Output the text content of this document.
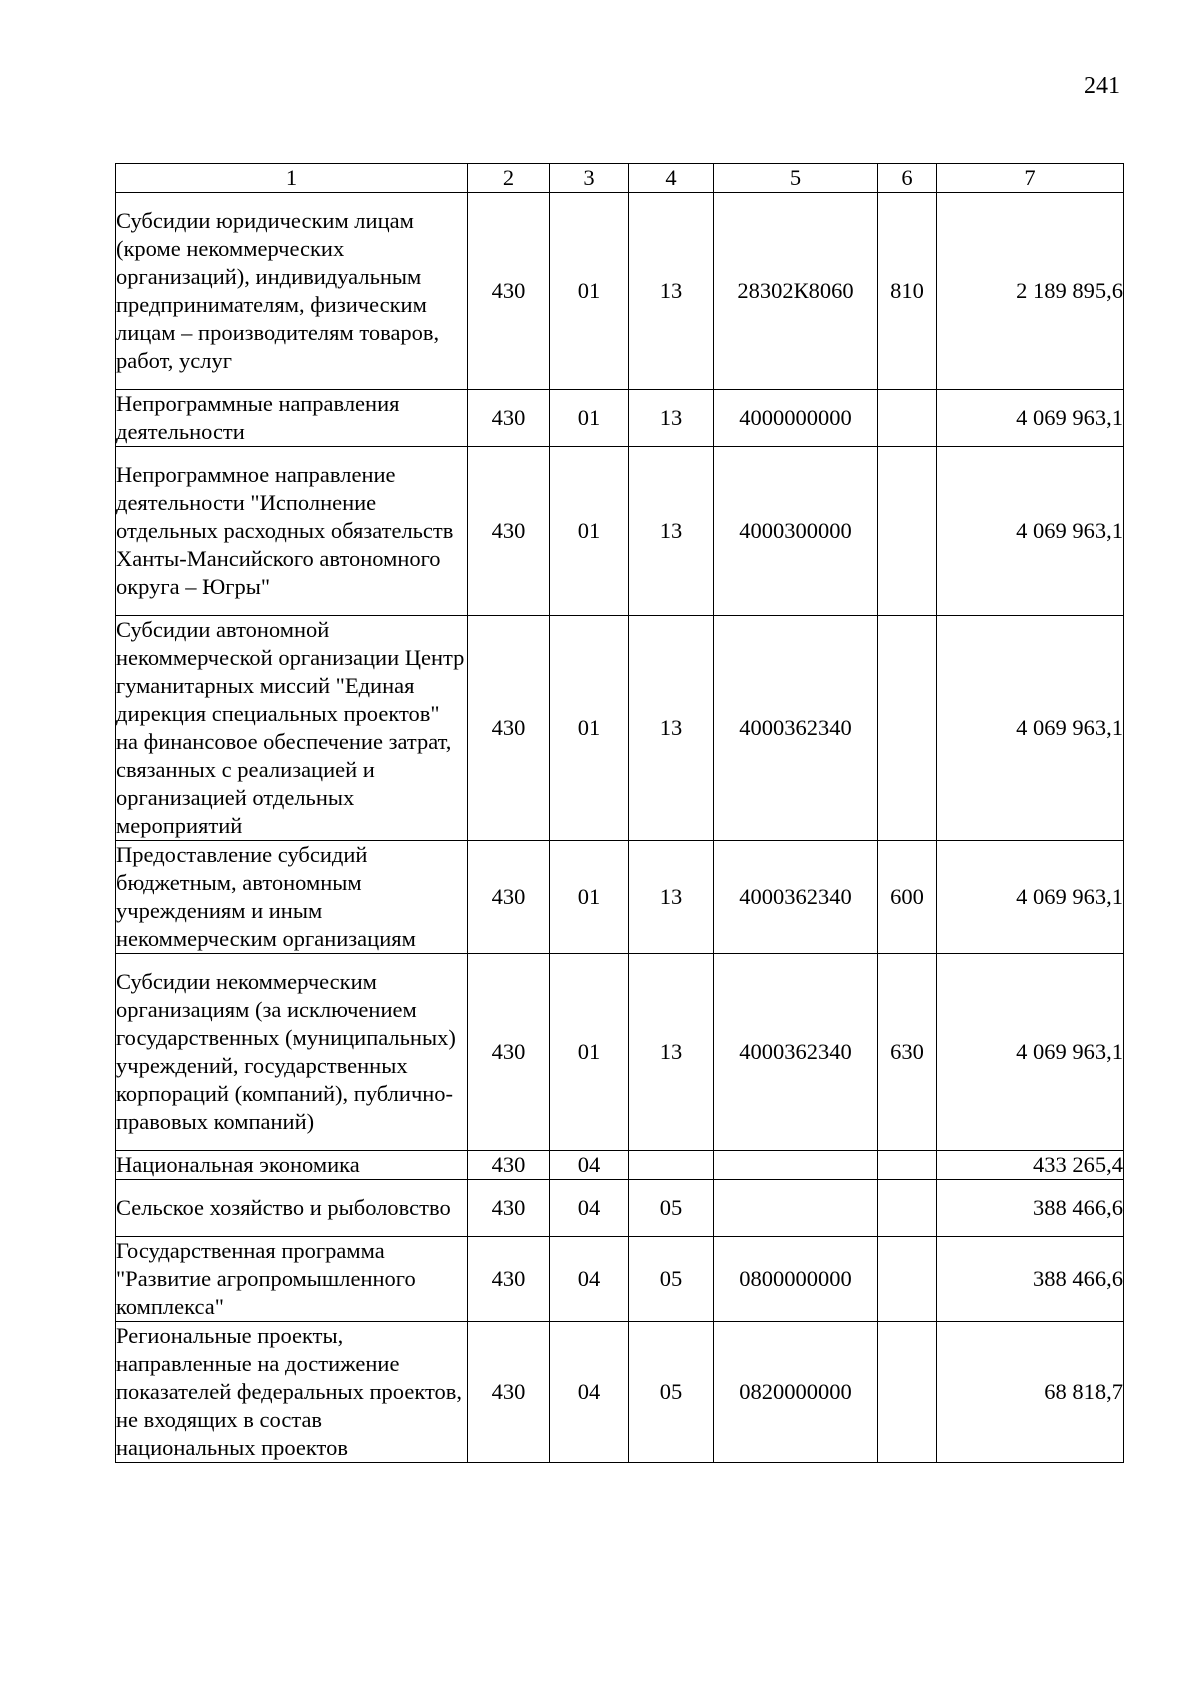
241
1	2	3	4	5	6	7
Субсидии юридическим лицам (кроме некоммерческих организаций), индивидуальным предпринимателям, физическим лицам – производителям товаров, работ, услуг	430	01	13	28302К8060	810	2 189 895,6
Непрограммные направления деятельности	430	01	13	4000000000		4 069 963,1
Непрограммное направление деятельности "Исполнение отдельных расходных обязательств Ханты-Мансийского автономного округа – Югры"	430	01	13	4000300000		4 069 963,1
Субсидии автономной некоммерческой организации Центр гуманитарных миссий "Единая дирекция специальных проектов" на финансовое обеспечение затрат, связанных с реализацией и организацией отдельных мероприятий	430	01	13	4000362340		4 069 963,1
Предоставление субсидий бюджетным, автономным учреждениям и иным некоммерческим организациям	430	01	13	4000362340	600	4 069 963,1
Субсидии некоммерческим организациям (за исключением государственных (муниципальных) учреждений, государственных корпораций (компаний), публично-правовых компаний)	430	01	13	4000362340	630	4 069 963,1
Национальная экономика	430	04				433 265,4
Сельское хозяйство и рыболовство	430	04	05			388 466,6
Государственная программа "Развитие агропромышленного комплекса"	430	04	05	0800000000		388 466,6
Региональные проекты, направленные на достижение показателей федеральных проектов, не входящих в состав национальных проектов	430	04	05	0820000000		68 818,7
